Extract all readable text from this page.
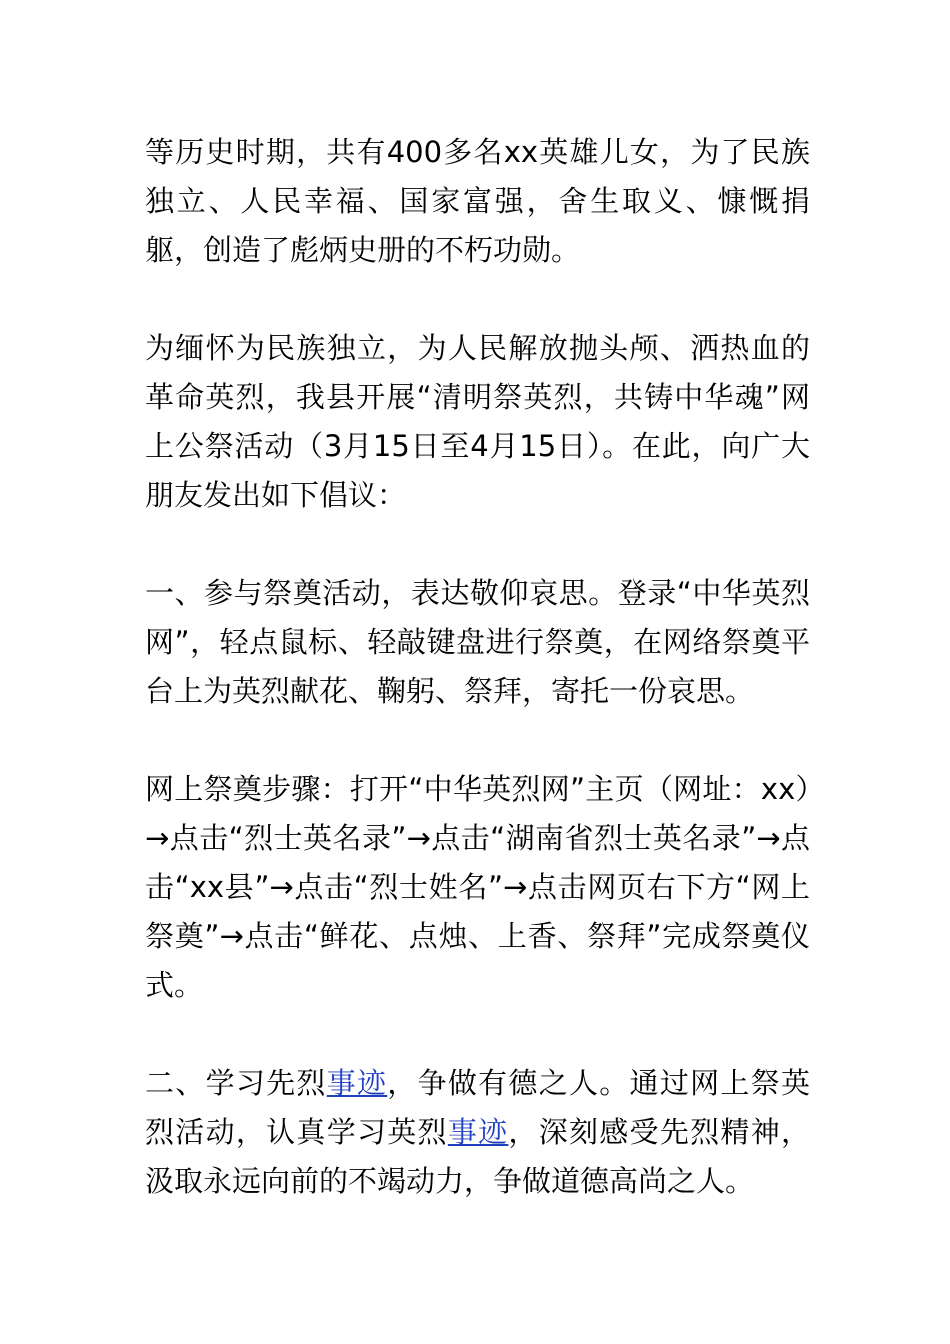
等历史时期，共有400多名xx英雄儿女，为了民族独立、人民幸福、国家富强，舍生取义、慷慨捐躯，创造了彪炳史册的不朽功勋。

为缅怀为民族独立，为人民解放抛头颅、洒热血的革命英烈，我县开展“清明祭英烈，共铸中华魂”网上公祭活动（3月15日至4月15日）。在此，向广大朋友发出如下倡议：

一、参与祭奠活动，表达敬仰哀思。登录“中华英烈网”，轻点鼠标、轻敲键盘进行祭奠，在网络祭奠平台上为英烈献花、鞠躬、祭拜，寄托一份哀思。

网上祭奠步骤：打开“中华英烈网”主页（网址：xx）→点击“烈士英名录”→点击“湖南省烈士英名录”→点击“xx县”→点击“烈士姓名”→点击网页右下方“网上祭奠”→点击“鲜花、点烛、上香、祭拜”完成祭奠仪式。

二、学习先烈事迹，争做有德之人。通过网上祭英烈活动，认真学习英烈事迹，深刻感受先烈精神，汲取永远向前的不竭动力，争做道德高尚之人。
